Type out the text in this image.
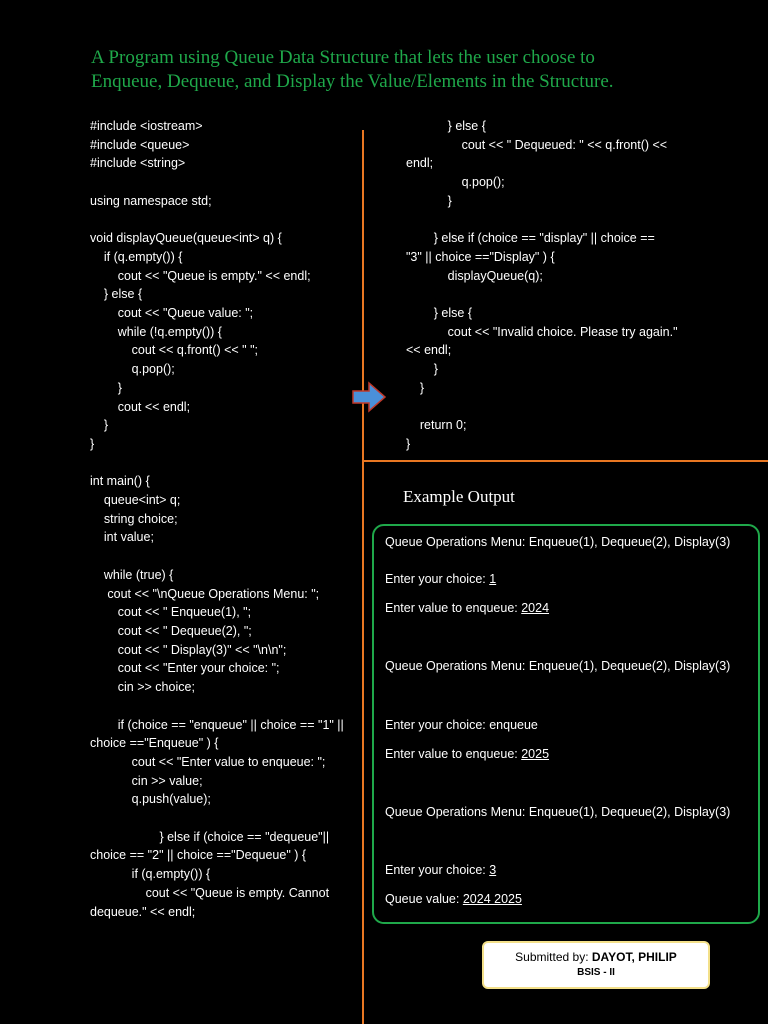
A Program using Queue Data Structure that lets the user choose to
Enqueue, Dequeue, and Display the Value/Elements in the Structure.
#include <iostream>
#include <queue>
#include <string>

using namespace std;

void displayQueue(queue<int> q) {
if (q.empty()) {
cout << "Queue is empty." << endl;
} else {
cout << "Queue value: ";
while (!q.empty()) {
cout << q.front() << " ";
q.pop();
}
cout << endl;
}
}

int main() {
queue<int> q;
string choice;
int value;

while (true) {
cout << "\nQueue Operations Menu: ";
cout << " Enqueue(1), ";
cout << " Dequeue(2), ";
cout << " Display(3)" << "\n\n";
cout << "Enter your choice: ";
cin >> choice;

if (choice == "enqueue" || choice == "1" ||
choice =="Enqueue" ) {
cout << "Enter value to enqueue: ";
cin >> value;
q.push(value);

} else if (choice == "dequeue"||
choice == "2" || choice =="Dequeue" ) {
if (q.empty()) {
cout << "Queue is empty. Cannot
dequeue." << endl;
} else {
cout << " Dequeued: " << q.front() <<
endl;
q.pop();
}

} else if (choice == "display" || choice ==
"3" || choice =="Display" ) {
displayQueue(q);

} else {
cout << "Invalid choice. Please try again."
<< endl;
}
}

return 0;
}
Example Output
Queue Operations Menu: Enqueue(1), Dequeue(2), Display(3)
Enter your choice: 1
Enter value to enqueue: 2024
Queue Operations Menu: Enqueue(1), Dequeue(2), Display(3)
Enter your choice: enqueue
Enter value to enqueue: 2025
Queue Operations Menu: Enqueue(1), Dequeue(2), Display(3)
Enter your choice: 3
Queue value: 2024 2025
Submitted by: DAYOT, PHILIP
BSIS - II
